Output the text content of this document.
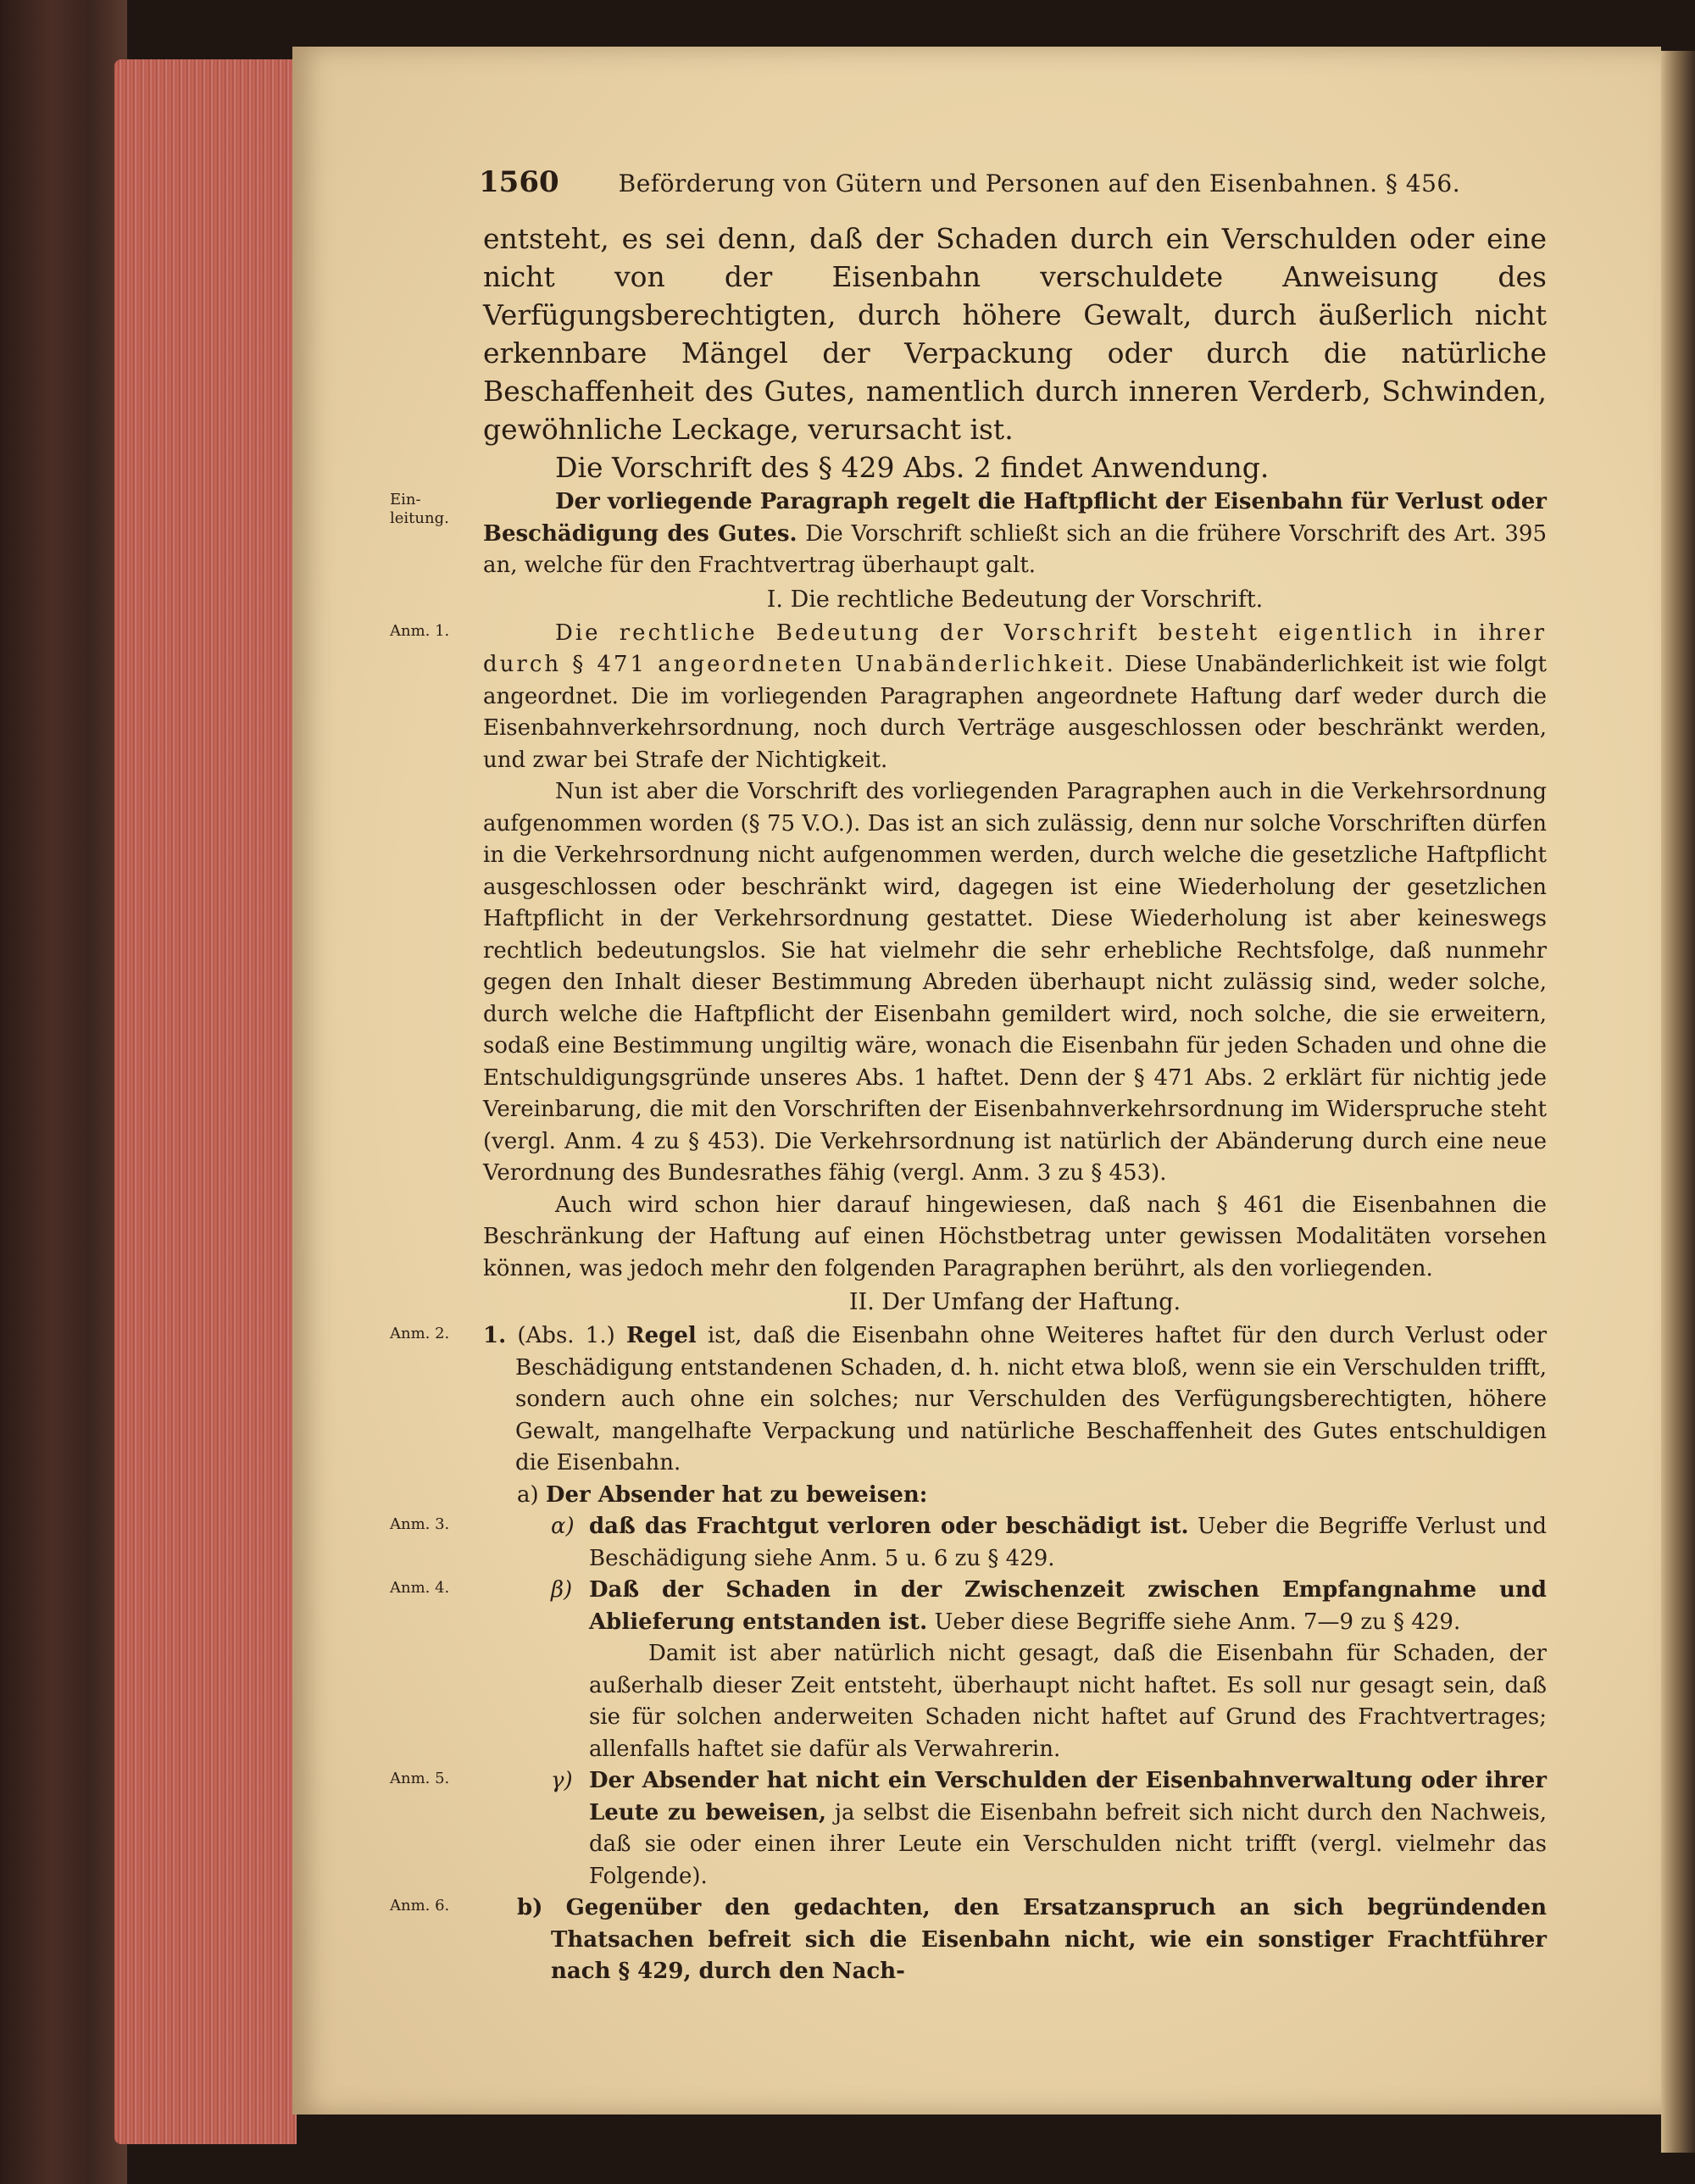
1560	Beförderung von Gütern und Personen auf den Eisenbahnen. § 456.

entsteht, es sei denn, daß der Schaden durch ein Verschulden oder eine nicht von der Eisenbahn verschuldete Anweisung des Verfügungsberechtigten, durch höhere Gewalt, durch äußerlich nicht erkennbare Mängel der Verpackung oder durch die natürliche Beschaffenheit des Gutes, namentlich durch inneren Verderb, Schwinden, gewöhnliche Leckage, verursacht ist.

Die Vorschrift des § 429 Abs. 2 findet Anwendung.

Ein- leitung.

Der vorliegende Paragraph regelt die Haftpflicht der Eisenbahn für Verlust oder Beschädigung des Gutes. Die Vorschrift schließt sich an die frühere Vorschrift des Art. 395 an, welche für den Frachtvertrag überhaupt galt.

I. Die rechtliche Bedeutung der Vorschrift.

Anm. 1.	Die rechtliche Bedeutung der Vorschrift besteht eigentlich in ihrer durch § 471 angeordneten Unabänderlichkeit. Diese Unabänderlichkeit ist wie folgt angeordnet. Die im vorliegenden Paragraphen angeordnete Haftung darf weder durch die Eisenbahnverkehrsordnung, noch durch Verträge ausgeschlossen oder beschränkt werden, und zwar bei Strafe der Nichtigkeit.

Nun ist aber die Vorschrift des vorliegenden Paragraphen auch in die Verkehrsordnung aufgenommen worden (§ 75 V.O.). Das ist an sich zulässig, denn nur solche Vorschriften dürfen in die Verkehrsordnung nicht aufgenommen werden, durch welche die gesetzliche Haftpflicht ausgeschlossen oder beschränkt wird, dagegen ist eine Wiederholung der gesetzlichen Haftpflicht in der Verkehrsordnung gestattet. Diese Wiederholung ist aber keineswegs rechtlich bedeutungslos. Sie hat vielmehr die sehr erhebliche Rechtsfolge, daß nunmehr gegen den Inhalt dieser Bestimmung Abreden überhaupt nicht zulässig sind, weder solche, durch welche die Haftpflicht der Eisenbahn gemildert wird, noch solche, die sie erweitern, sodaß eine Bestimmung ungiltig wäre, wonach die Eisenbahn für jeden Schaden und ohne die Entschuldigungsgründe unseres Abs. 1 haftet. Denn der § 471 Abs. 2 erklärt für nichtig jede Vereinbarung, die mit den Vorschriften der Eisenbahnverkehrsordnung im Widerspruche steht (vergl. Anm. 4 zu § 453). Die Verkehrsordnung ist natürlich der Abänderung durch eine neue Verordnung des Bundesrathes fähig (vergl. Anm. 3 zu § 453).

Auch wird schon hier darauf hingewiesen, daß nach § 461 die Eisenbahnen die Beschränkung der Haftung auf einen Höchstbetrag unter gewissen Modalitäten vorsehen können, was jedoch mehr den folgenden Paragraphen berührt, als den vorliegenden.

II. Der Umfang der Haftung.

Anm. 2.	1. (Abs. 1.) Regel ist, daß die Eisenbahn ohne Weiteres haftet für den durch Verlust oder Beschädigung entstandenen Schaden, d. h. nicht etwa bloß, wenn sie ein Verschulden trifft, sondern auch ohne ein solches; nur Verschulden des Verfügungsberechtigten, höhere Gewalt, mangelhafte Verpackung und natürliche Beschaffenheit des Gutes entschuldigen die Eisenbahn.

a) Der Absender hat zu beweisen:

Anm. 3.	α) daß das Frachtgut verloren oder beschädigt ist. Ueber die Begriffe Verlust und Beschädigung siehe Anm. 5 u. 6 zu § 429.

Anm. 4.	β) Daß der Schaden in der Zwischenzeit zwischen Empfangnahme und Ablieferung entstanden ist. Ueber diese Begriffe siehe Anm. 7—9 zu § 429.

Damit ist aber natürlich nicht gesagt, daß die Eisenbahn für Schaden, der außerhalb dieser Zeit entsteht, überhaupt nicht haftet. Es soll nur gesagt sein, daß sie für solchen anderweiten Schaden nicht haftet auf Grund des Frachtvertrages; allenfalls haftet sie dafür als Verwahrerin.

Anm. 5.	γ) Der Absender hat nicht ein Verschulden der Eisenbahnverwaltung oder ihrer Leute zu beweisen, ja selbst die Eisenbahn befreit sich nicht durch den Nachweis, daß sie oder einen ihrer Leute ein Verschulden nicht trifft (vergl. vielmehr das Folgende).

Anm. 6.	b) Gegenüber den gedachten, den Ersatzanspruch an sich begründenden Thatsachen befreit sich die Eisenbahn nicht, wie ein sonstiger Frachtführer nach § 429, durch den Nach-
